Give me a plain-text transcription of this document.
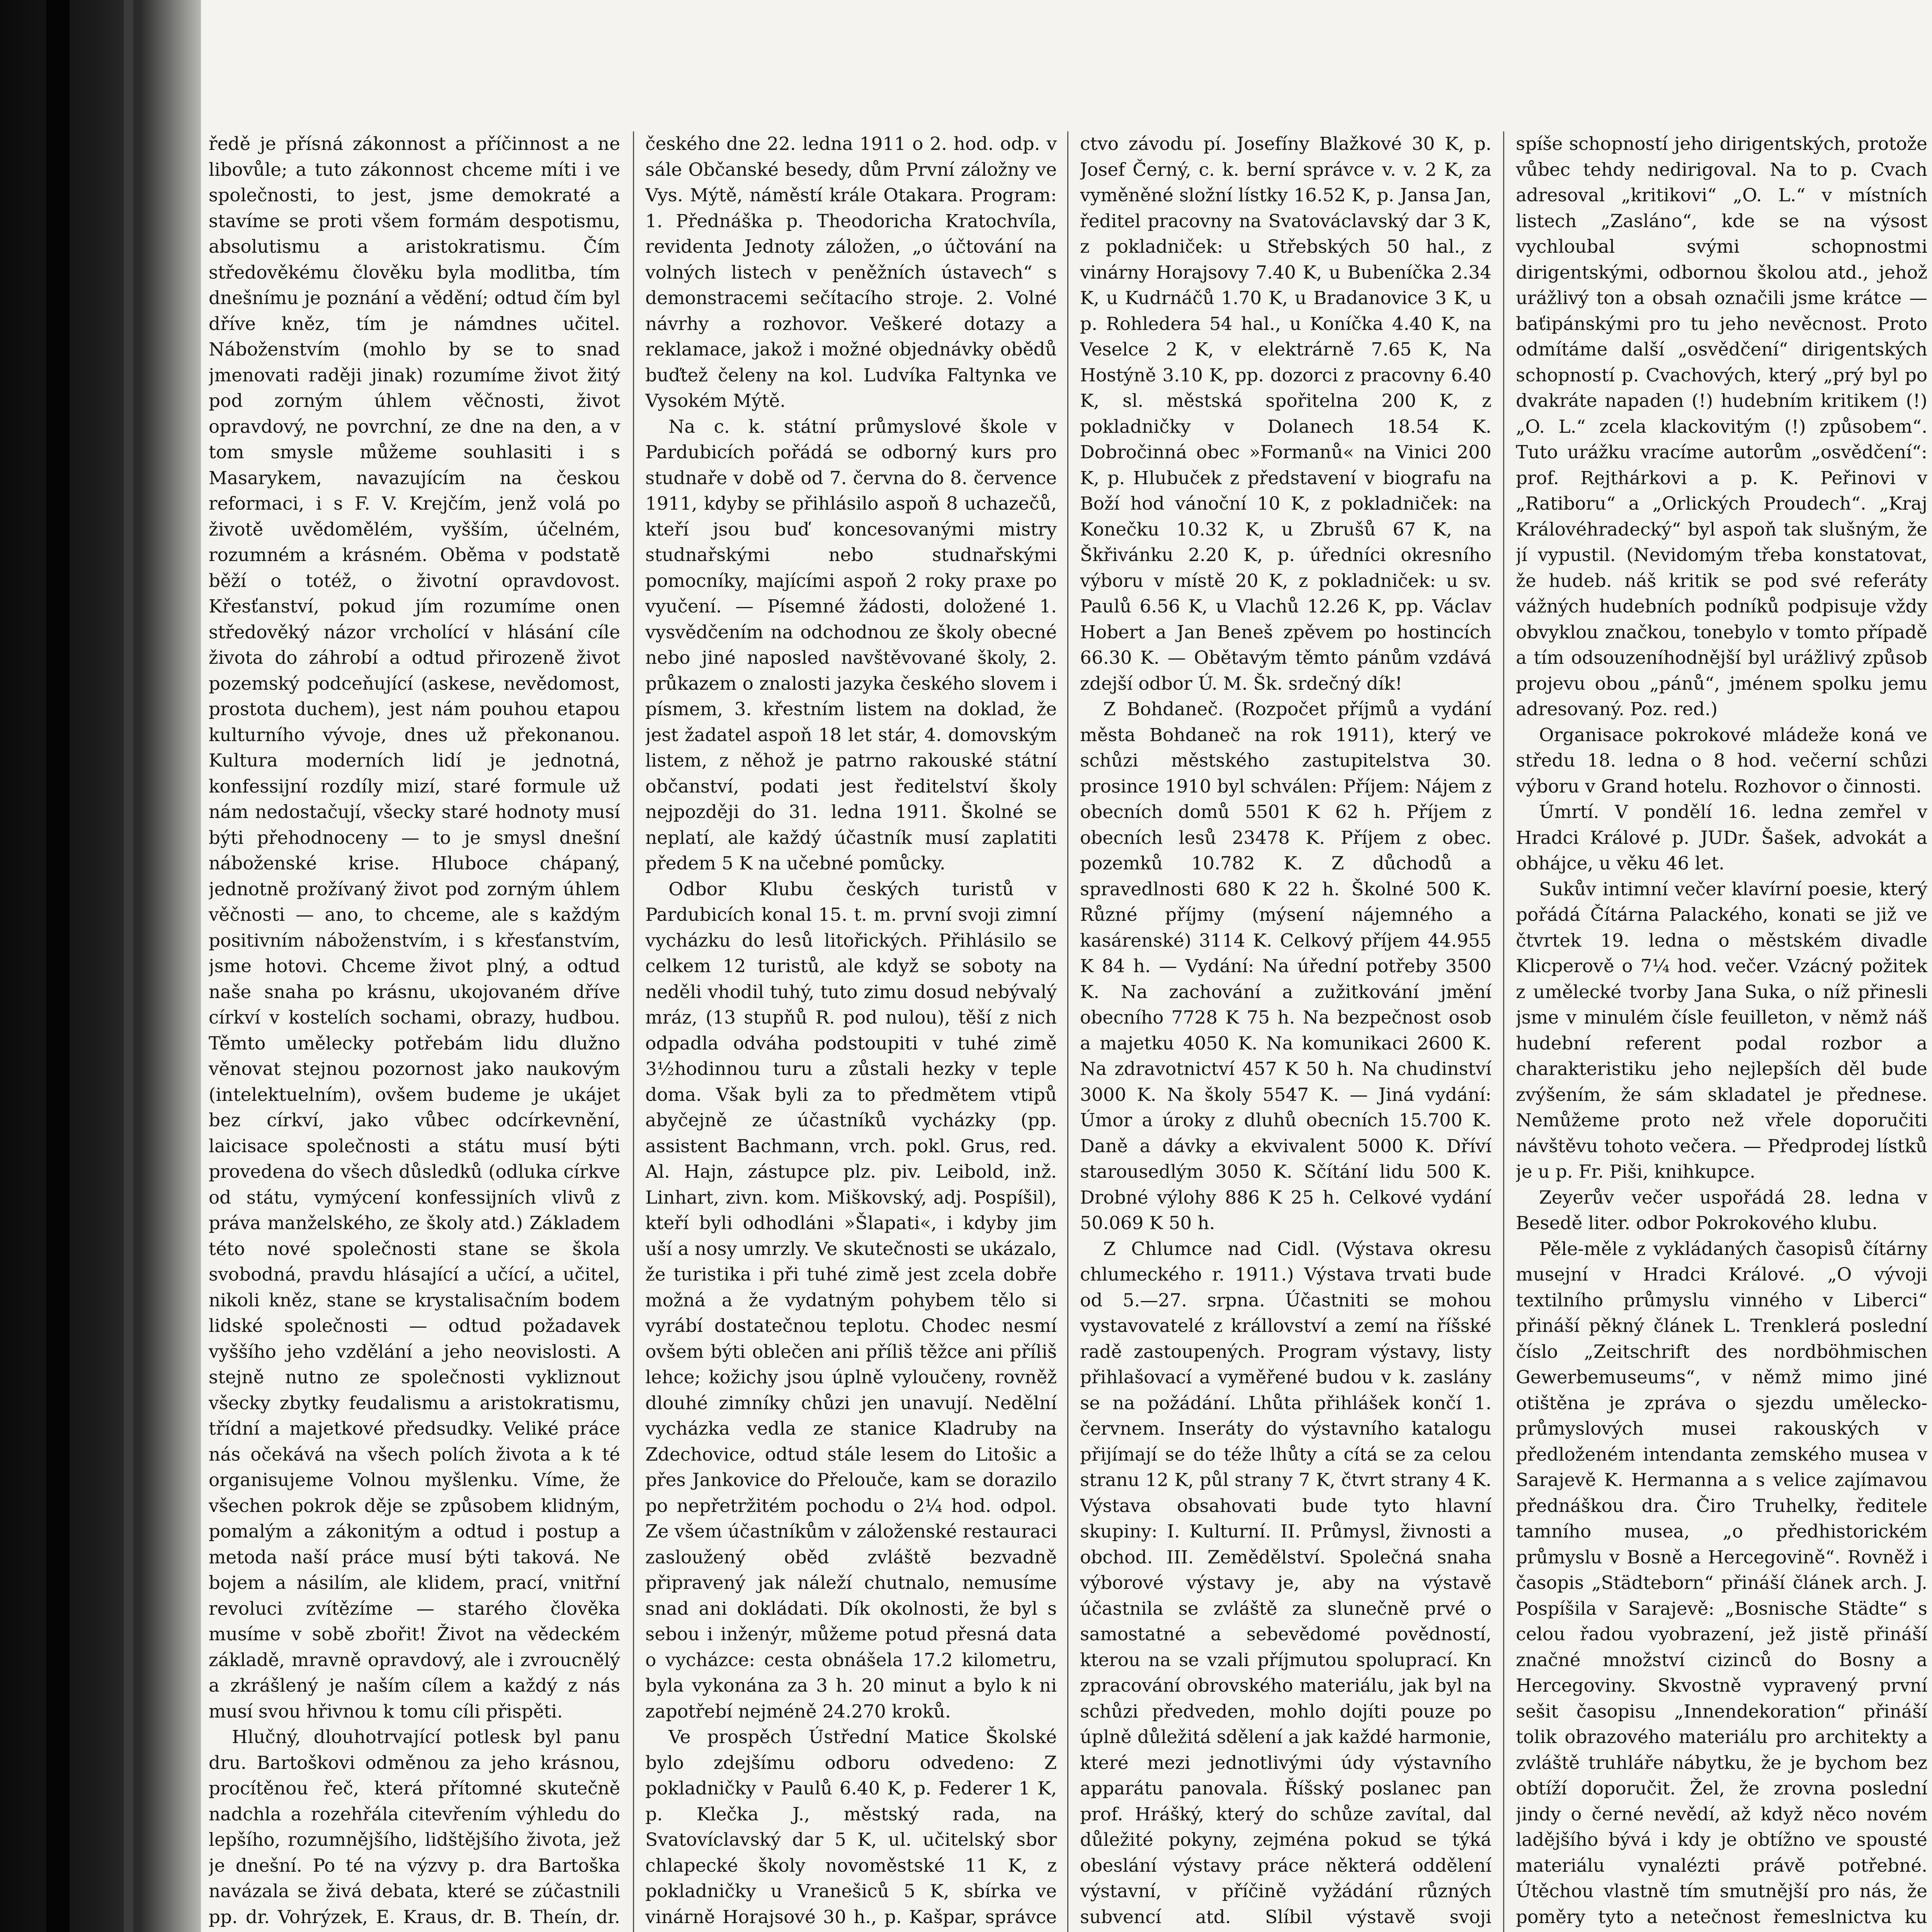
ředě je přísná zákonnost a příčinnost a ne libovůle; a tuto zákonnost chceme míti i ve společnosti, to jest, jsme demokraté a stavíme se proti všem formám despotismu, absolutismu a aristokratismu. Čím středověkému člověku byla modlitba, tím dnešnímu je poznání a vědění; odtud čím byl dříve kněz, tím je námdnes učitel. Náboženstvím (mohlo by se to snad jmenovati raději jinak) rozumíme život žitý pod zorným úhlem věčnosti, život opravdový, ne povrchní, ze dne na den, a v tom smysle můžeme souhlasiti i s Masarykem, navazujícím na českou reformaci, i s F. V. Krejčím, jenž volá po životě uvědomělém, vyšším, účelném, rozumném a krásném. Oběma v podstatě běží o totéž, o životní opravdovost. Křesťanství, pokud jím rozumíme onen středověký názor vrcholící v hlásání cíle života do záhrobí a odtud přirozeně život pozemský podceňující (askese, nevědomost, prostota duchem), jest nám pouhou etapou kulturního vývoje, dnes už překonanou. Kultura moderních lidí je jednotná, konfessijní rozdíly mizí, staré formule už nám nedostačují, všecky staré hodnoty musí býti přehodnoceny — to je smysl dnešní náboženské krise. Hluboce chápaný, jednotně prožívaný život pod zorným úhlem věčnosti — ano, to chceme, ale s každým positivním náboženstvím, i s křesťanstvím, jsme hotovi. Chceme život plný, a odtud naše snaha po krásnu, ukojovaném dříve církví v kostelích sochami, obrazy, hudbou. Těmto umělecky potřebám lidu dlužno věnovat stejnou pozornost jako naukovým (intelektuelním), ovšem budeme je ukájet bez církví, jako vůbec odcírkevnění, laicisace společnosti a státu musí býti provedena do všech důsledků (odluka církve od státu, vymýcení konfessijních vlivů z práva manželského, ze školy atd.) Základem této nové společnosti stane se škola svobodná, pravdu hlásající a učící, a učitel, nikoli kněz, stane se krystalisačním bodem lidské společnosti — odtud požadavek vyššího jeho vzdělání a jeho neovislosti. A stejně nutno ze společnosti vykliznout všecky zbytky feudalismu a aristokratismu, třídní a majetkové předsudky. Veliké práce nás očekává na všech polích života a k té organisujeme Volnou myšlenku. Víme, že všechen pokrok děje se způsobem klidným, pomalým a zákonitým a odtud i postup a metoda naší práce musí býti taková. Ne bojem a násilím, ale klidem, prací, vnitřní revoluci zvítězíme — starého člověka musíme v sobě zbořit! Život na vědeckém základě, mravně opravdový, ale i zvroucnělý a zkrášlený je naším cílem a každý z nás musí svou hřivnou k tomu cíli přispěti.

Hlučný, dlouhotrvající potlesk byl panu dru. Bartoškovi odměnou za jeho krásnou, procítěnou řeč, která přítomné skutečně nadchla a rozehřála citevřením výhledu do lepšího, rozumnějšího, lidštějšího života, jež je dnešní. Po té na výzvy p. dra Bartoška navázala se živá debata, které se zúčastnili pp. dr. Vohrýzek, E. Kraus, dr. B. Theín, dr.

českého dne 22. ledna 1911 o 2. hod. odp. v sále Občanské besedy, dům První záložny ve Vys. Mýtě, náměstí krále Otakara. Program: 1. Přednáška p. Theodoricha Kratochvíla, revidenta Jednoty záložen, „o účtování na volných listech v peněžních ústavech“ s demonstracemi sečítacího stroje. 2. Volné návrhy a rozhovor. Veškeré dotazy a reklamace, jakož i možné objednávky obědů buďtež čeleny na kol. Ludvíka Faltynka ve Vysokém Mýtě.

Na c. k. státní průmyslové škole v Pardubicích pořádá se odborný kurs pro studnaře v době od 7. června do 8. července 1911, kdyby se přihlásilo aspoň 8 uchazečů, kteří jsou buď koncesovanými mistry studnařskými nebo studnařskými pomocníky, majícími aspoň 2 roky praxe po vyučení. — Písemné žádosti, doložené 1. vysvědčením na odchodnou ze školy obecné nebo jiné naposled navštěvované školy, 2. průkazem o znalosti jazyka českého slovem i písmem, 3. křestním listem na doklad, že jest žadatel aspoň 18 let stár, 4. domovským listem, z něhož je patrno rakouské státní občanství, podati jest ředitelství školy nejpozději do 31. ledna 1911. Školné se neplatí, ale každý účastník musí zaplatiti předem 5 K na učebné pomůcky.

Odbor Klubu českých turistů v Pardubicích konal 15. t. m. první svoji zimní vycházku do lesů litořických. Přihlásilo se celkem 12 turistů, ale když se soboty na neděli vhodil tuhý, tuto zimu dosud nebývalý mráz, (13 stupňů R. pod nulou), těší z nich odpadla odváha podstoupiti v tuhé zimě 3½hodinnou turu a zůstali hezky v teple doma. Však byli za to předmětem vtipů abyčejně ze účastníků vycházky (pp. assistent Bachmann, vrch. pokl. Grus, red. Al. Hajn, zástupce plz. piv. Leibold, inž. Linhart, zivn. kom. Miškovský, adj. Pospíšil), kteří byli odhodláni »Šlapati«, i kdyby jim uší a nosy umrzly. Ve skutečnosti se ukázalo, že turistika i při tuhé zimě jest zcela dobře možná a že vydatným pohybem tělo si vyrábí dostatečnou teplotu. Chodec nesmí ovšem býti oblečen ani příliš těžce ani příliš lehce; kožichy jsou úplně vyloučeny, rovněž dlouhé zimníky chůzi jen unavují. Nedělní vycházka vedla ze stanice Kladruby na Zdechovice, odtud stále lesem do Litošic a přes Jankovice do Přeloučе, kam se dorazilo po nepřetržitém pochodu o 2¼ hod. odpol. Ze všem účastníkům v záloženské restauraci zasloužený oběd zvláště bezvadně připravený jak náleží chutnalo, nemusíme snad ani dokládati. Dík okolnosti, že byl s sebou i inženýr, můžeme potud přesná data o vycházce: cesta obnášela 17.2 kilometru, byla vykonána za 3 h. 20 minut a bylo k ni zapotřebí nejméně 24.270 kroků.

Ve prospěch Ústřední Matice Školské bylo zdejšímu odboru odvedeno: Z pokladničky v Paulů 6.40 K, p. Federer 1 K, p. Klečka J., městský rada, na Svatovíclavský dar 5 K, ul. učitelský sbor chlapecké školy novoměstské 11 K, z pokladničky u Vranešiců 5 K, sbírka ve vinárně Horajsové 30 h., p. Kašpar, správce

ctvo závodu pí. Josefíny Blažkové 30 K, p. Josef Černý, c. k. berní správce v. v. 2 K, za vyměněné složní lístky 16.52 K, p. Jansa Jan, ředitel pracovny na Svatováclavský dar 3 K, z pokladniček: u Střebských 50 hal., z vinárny Horajsovy 7.40 K, u Bubeníčka 2.34 K, u Kudrnáčů 1.70 K, u Bradanovice 3 K, u p. Rohledera 54 hal., u Koníčka 4.40 K, na Veselce 2 K, v elektrárně 7.65 K, Na Hostýně 3.10 K, pp. dozorci z pracovny 6.40 K, sl. městská spořitelna 200 K, z pokladničky v Dolanech 18.54 K. Dobročinná obec »Formanů« na Vinici 200 K, p. Hlubuček z představení v biografu na Boží hod vánoční 10 K, z pokladniček: na Konečku 10.32 K, u Zbrušů 67 K, na Škřivánku 2.20 K, p. úředníci okresního výboru v místě 20 K, z pokladniček: u sv. Paulů 6.56 K, u Vlachů 12.26 K, pp. Václav Hobert a Jan Beneš zpěvem po hostincích 66.30 K. — Obětavým těmto pánům vzdává zdejší odbor Ú. M. Šk. srdečný dík!

Z Bohdaneč. (Rozpočet příjmů a vydání města Bohdaneč na rok 1911), který ve schůzi městského zastupitelstva 30. prosince 1910 byl schválen: Příjem: Nájem z obecních domů 5501 K 62 h. Příjem z obecních lesů 23478 K. Příjem z obec. pozemků 10.782 K. Z důchodů a spravedlnosti 680 K 22 h. Školné 500 K. Různé příjmy (mýsení nájemného a kasárenské) 3114 K. Celkový příjem 44.955 K 84 h. — Vydání: Na úřední potřeby 3500 K. Na zachování a zužitkování jmění obecního 7728 K 75 h. Na bezpečnost osob a majetku 4050 K. Na komunikaci 2600 K. Na zdravotnictví 457 K 50 h. Na chudinství 3000 K. Na školy 5547 K. — Jiná vydání: Úmor a úroky z dluhů obecních 15.700 K. Daně a dávky a ekvivalent 5000 K. Dříví starousedlým 3050 K. Sčítání lidu 500 K. Drobné výlohy 886 K 25 h. Celkové vydání 50.069 K 50 h.

Z Chlumce nad Cidl. (Výstava okresu chlumeckého r. 1911.) Výstava trvati bude od 5.—27. srpna. Účastniti se mohou vystavovatelé z krállovství a zemí na říšské radě zastoupených. Program výstavy, listy přihlašovací a vyměřené budou v k. zaslány se na požádání. Lhůta přihlášek končí 1. červnem. Inseráty do výstavního katalogu přijímají se do téže lhůty a cítá se za celou stranu 12 K, půl strany 7 K, čtvrt strany 4 K. Výstava obsahovati bude tyto hlavní skupiny: I. Kulturní. II. Průmysl, živnosti a obchod. III. Zemědělství. Společná snaha výborové výstavy je, aby na výstavě účastnila se zvláště za slunečně prvé o samostatné a sebevědomé povědností, kterou na se vzali příjmutou spoluprací. Kn zpracování obrovského materiálu, jak byl na schůzi předveden, mohlo dojíti pouze po úplně důležitá sdělení a jak každé harmonie, které mezi jednotlivými údy výstavního apparátu panovala. Říšský poslanec pan prof. Hrášký, který do schůze zavítal, dal důležité pokyny, zejména pokud se týká obeslání výstavy práce některá oddělení výstavní, v příčině vyžádání různých subvencí atd. Slíbil výstavě svoji

spíše schopností jeho dirigentských, protože vůbec tehdy nedirigoval. Na to p. Cvach adresoval „kritikovi“ „O. L.“ v místních listech „Zasláno“, kde se na výsost vychloubal svými schopnostmi dirigentskými, odbornou školou atd., jehož urážlivý ton a obsah označili jsme krátce — baťipánskými pro tu jeho nevěcnost. Proto odmítáme další „osvědčení“ dirigentských schopností p. Cvachových, který „prý byl po dvakráte napaden (!) hudebním kritikem (!) „O. L.“ zcela klackovitým (!) způsobem“. Tuto urážku vracíme autorům „osvědčení“: prof. Rejthárkovi a p. K. Peřinovi v „Ratiboru“ a „Orlických Proudech“. „Kraj Královéhradecký“ byl aspoň tak slušným, že jí vypustil. (Nevidomým třeba konstatovat, že hudeb. náš kritik se pod své referáty vážných hudebních podníků podpisuje vždy obvyklou značkou, tonebylo v tomto případě a tím odsouzeníhodnější byl urážlivý způsob projevu obou „pánů“, jménem spolku jemu adresovaný. Poz. red.)

Organisace pokrokové mládeže koná ve středu 18. ledna o 8 hod. večerní schůzi výboru v Grand hotelu. Rozhovor o činnosti.

Úmrtí. V pondělí 16. ledna zemřel v Hradci Králové p. JUDr. Šašek, advokát a obhájce, u věku 46 let.

Sukův intimní večer klavírní poesie, který pořádá Čítárna Palackého, konati se již ve čtvrtek 19. ledna o městském divadle Klicperově o 7¼ hod. večer. Vzácný požitek z umělecké tvorby Jana Suka, o níž přinesli jsme v minulém čísle feuilleton, v němž náš hudební referent podal rozbor a charakteristiku jeho nejlepších děl bude zvýšením, že sám skladatel je přednese. Nemůžeme proto než vřele doporučiti návštěvu tohoto večera. — Předprodej lístků je u p. Fr. Piši, knihkupce.

Zeyerův večer uspořádá 28. ledna v Besedě liter. odbor Pokrokového klubu.

Pěle-měle z vykládaných časopisů čítárny musejní v Hradci Králové. „O vývoji textilního průmyslu vinného v Liberci“ přináší pěkný článek L. Trenklerá poslední číslo „Zeitschrift des nordböhmischen Gewerbemuseums“, v němž mimo jiné otištěna je zpráva o sjezdu umělecko-průmyslových musei rakouských v předloženém intendanta zemského musea v Sarajevě K. Hermanna a s velice zajímavou přednáškou dra. Čiro Truhelky, ředitele tamního musea, „o předhistorickém průmyslu v Bosně a Hercegovině“. Rovněž i časopis „Städteborn“ přináší článek arch. J. Pospíšila v Sarajevě: „Bosnische Städte“ s celou řadou vyobrazení, jež jistě přináší značné množství cizinců do Bosny a Hercegoviny. Skvostně vypravený první sešit časopisu „Innendekoration“ přináší tolik obrazového materiálu pro architekty a zvláště truhláře nábytku, že je bychom bez obtíží doporučit. Žel, že zrovna poslední jindy o černé nevědí, až když něco novém ladějšího bývá i kdy je obtížno ve spousté materiálu vynalézti právě potřebné. Útěchou vlastně tím smutnější pro nás, že poměry tyto a netečnost řemeslnictva ku
